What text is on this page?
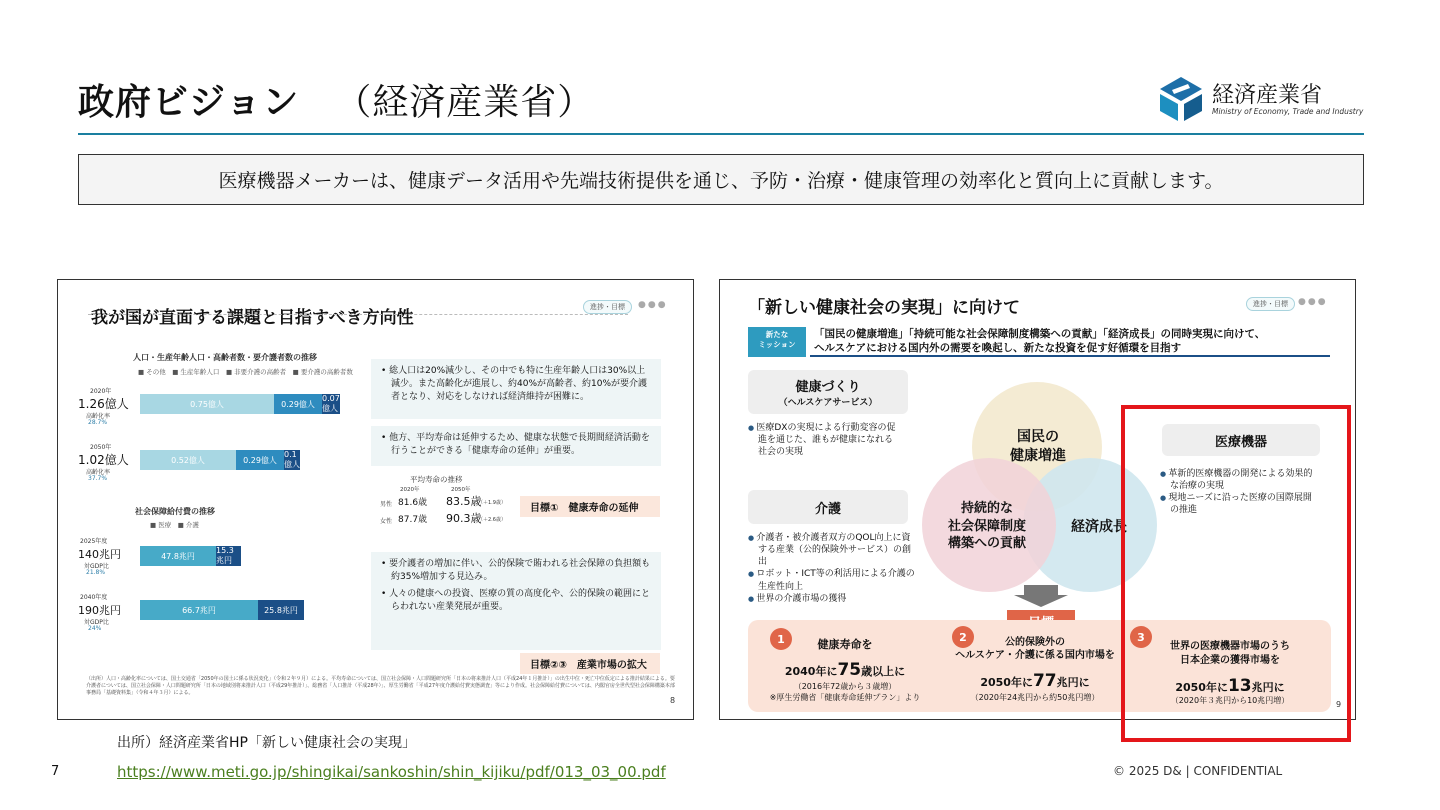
政府ビジョン （経済産業省）	経済産業省
Ministry of Economy, Trade and Industry
医療機器メーカーは、健康データ活用や先端技術提供を通じ、予防・治療・健康管理の効率化と質向上に貢献します。
我が国が直面する課題と目指すべき方向性
進捗・目標	●●●
人口・生産年齢人口・高齢者数・要介護者数の推移
■ その他　 ■ 生産年齢人口　 ■ 非要介護の高齢者　 ■ 要介護の高齢者数
2020年
1.26億人
高齢化率
28.7%
0.75億人	0.29億人
0.07億人
2050年
1.02億人
高齢化率
37.7%
0.52億人	0.29億人
0.1億人
• 総人口は20%減少し、その中でも特に生産年齢人口は30%以上減少。また高齢化が進展し、約40%が高齢者、約10%が要介護者となり、対応をしなければ経済維持が困難に。
• 他方、平均寿命は延伸するため、健康な状態で長期間経済活動を行うことができる「健康寿命の延伸」が重要。
平均寿命の推移
2020年	2050年
男性 81.6歳 83.5歳
（＋1.9歳）
女性 87.7歳 90.3歳
（＋2.6歳）
目標①　健康寿命の延伸
社会保障給付費の推移
■ 医療　 ■ 介護
2025年度
140兆円
対GDP比
21.8%
47.8兆円
15.3兆円
2040年度
190兆円
対GDP比
24%
66.7兆円	25.8兆円
• 要介護者の増加に伴い、公的保険で賄われる社会保障の負担額も約35%増加する見込み。
• 人々の健康への投資、医療の質の高度化や、公的保険の範囲にとらわれない産業発展が重要。
目標②③　産業市場の拡大
（出所）人口・高齢化率については、国土交通省「2050年の国土に係る状況変化」（令和２年９月）による。平均寿命については、国立社会保障・人口問題研究所「日本の将来推計人口（平成24年１月推計）」の出生中位・死亡中位仮定による推計結果による。要介護者については、国立社会保障・人口問題研究所「日本の地域別将来推計人口（平成29年推計）」、総務省「人口推計（平成28年）」、厚生労働省「平成27年度介護給付費実態調査」等により作成。社会保障給付費については、内閣官房全世代型社会保障構築本部事務局「基礎資料集」（令和４年３月）による。
8
「新しい健康社会の実現」に向けて	進捗・目標	●●●
新たな
ミッション
「国民の健康増進」「持続可能な社会保障制度構築への貢献」「経済成長」の同時実現に向けて、
ヘルスケアにおける国内外の需要を喚起し、新たな投資を促す好循環を目指す
健康づくり
（ヘルスケアサービス）
● 医療DXの実現による行動変容の促進を通じた、誰もが健康になれる社会の実現
介護
● 介護者・被介護者双方のQOL向上に資する産業（公的保険外サービス）の創出
● ロボット・ICT等の利活用による介護の生産性向上
● 世界の介護市場の獲得
国民の
健康増進
持続的な
社会保障制度
構築への貢献
経済成長
1	健康寿命を
2040年に75歳以上に
（2016年72歳から３歳増）
※厚生労働省「健康寿命延伸プラン」より
2	公的保険外の
ヘルスケア・介護に係る国内市場を
2050年に77兆円に
（2020年24兆円から約50兆円増）
3
世界の医療機器市場のうち
日本企業の獲得市場を
2050年に13兆円に
（2020年３兆円から10兆円増）
医療機器
● 革新的医療機器の開発による効果的な治療の実現
● 現地ニーズに沿った医療の国際展開の推進
9
出所）経済産業省HP「新しい健康社会の実現」
https://www.meti.go.jp/shingikai/sankoshin/shin_kijiku/pdf/013_03_00.pdf
7	© 2025 D& | CONFIDENTIAL
